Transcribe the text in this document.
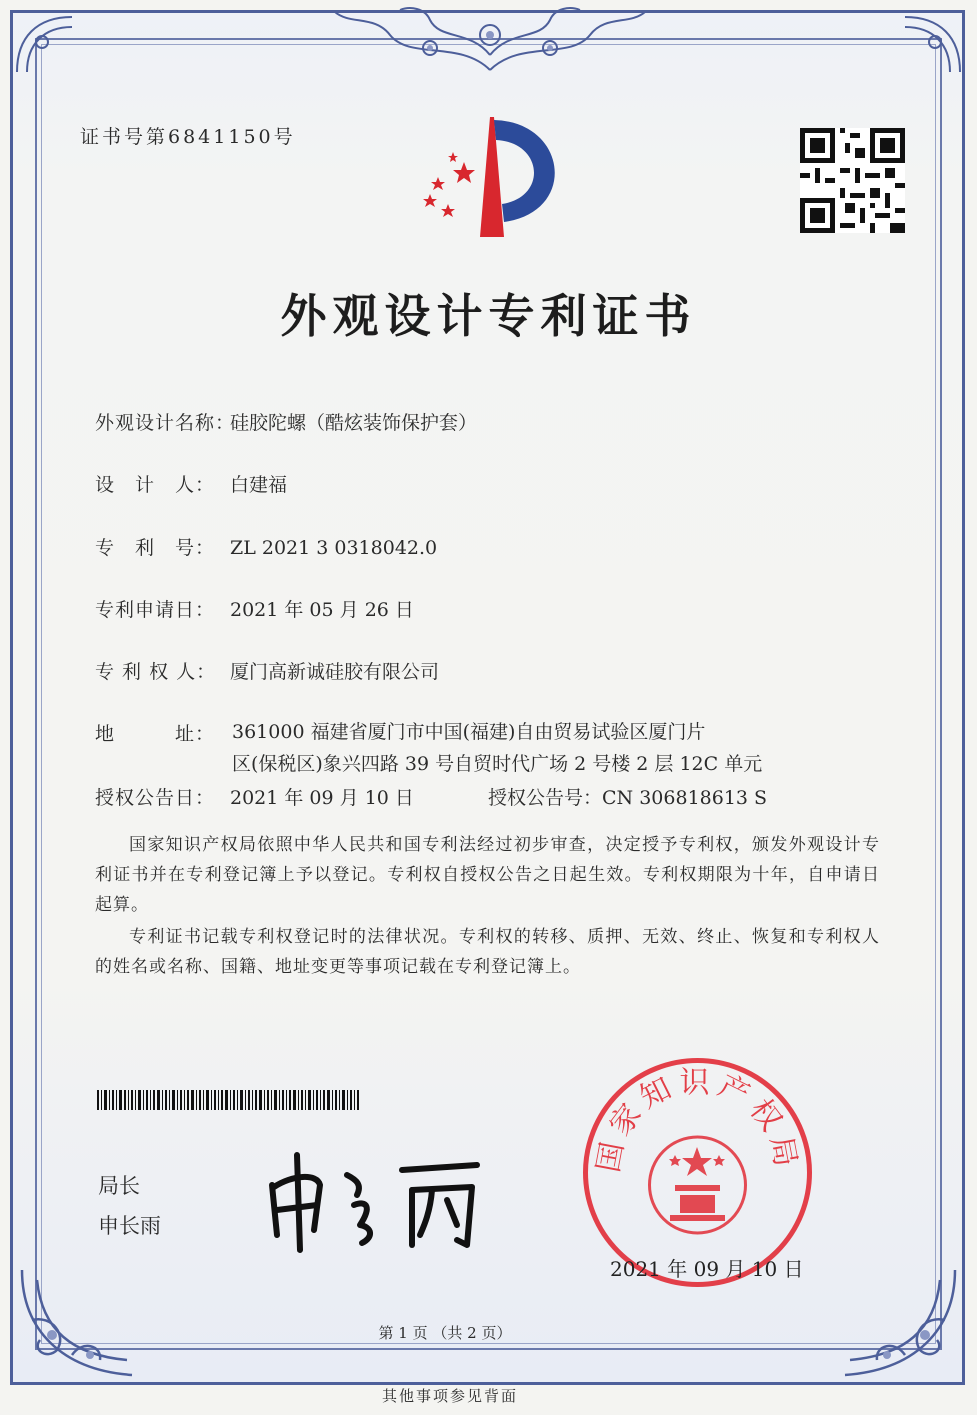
证书号第6841150号
外观设计专利证书
外观设计名称：硅胶陀螺（酷炫装饰保护套）
设　计　人： 白建福
专　利　号： ZL 2021 3 0318042.0
专利申请日： 2021 年 05 月 26 日
专 利 权 人： 厦门高新诚硅胶有限公司
地　　　址： 361000 福建省厦门市中国(福建)自由贸易试验区厦门片
区(保税区)象兴四路 39 号自贸时代广场 2 号楼 2 层 12C 单元
授权公告日： 2021 年 09 月 10 日	授权公告号：CN 306818613 S
国家知识产权局依照中华人民共和国专利法经过初步审查，决定授予专利权，颁发外观设计专利证书并在专利登记簿上予以登记。专利权自授权公告之日起生效。专利权期限为十年，自申请日起算。
专利证书记载专利权登记时的法律状况。专利权的转移、质押、无效、终止、恢复和专利权人的姓名或名称、国籍、地址变更等事项记载在专利登记簿上。
局长
申长雨
国家知识产权局
2021 年 09 月 10 日
第 1 页 （共 2 页）
其他事项参见背面
